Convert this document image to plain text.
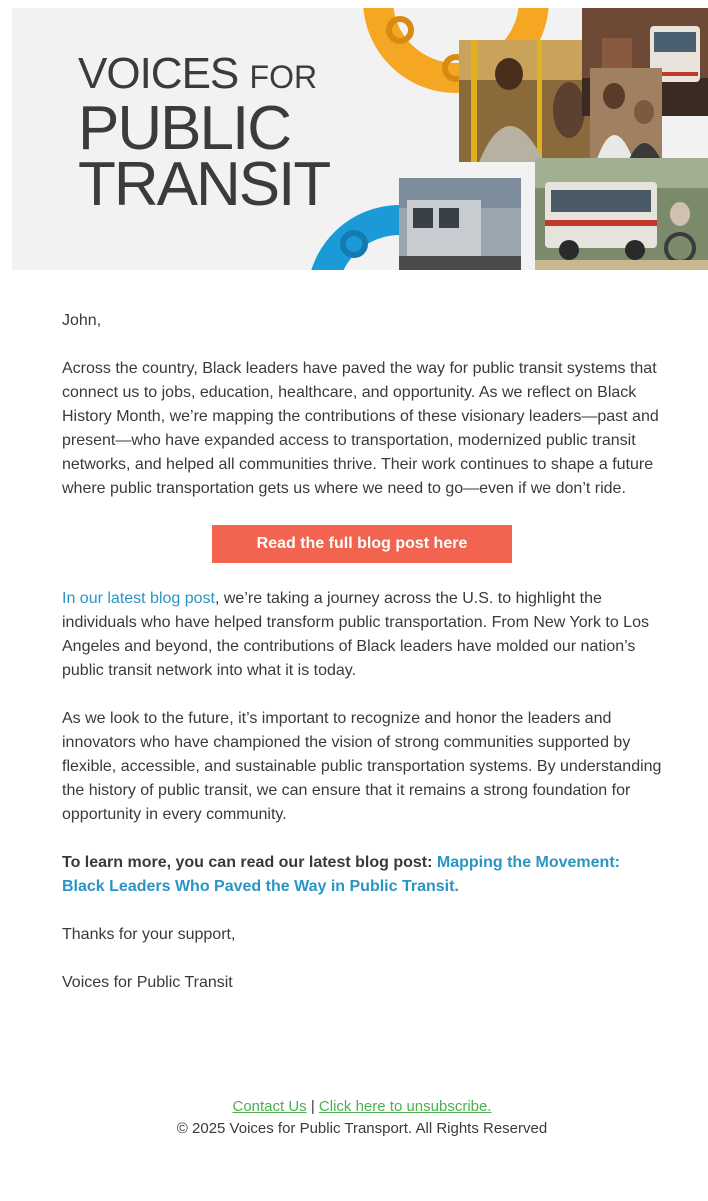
VOICES FOR
PUBLIC
TRANSIT

John,

Across the country, Black leaders have paved the way for public transit systems that connect us to jobs, education, healthcare, and opportunity. As we reflect on Black History Month, we’re mapping the contributions of these visionary leaders—past and present—who have expanded access to transportation, modernized public transit networks, and helped all communities thrive. Their work continues to shape a future where public transportation gets us where we need to go—even if we don’t ride.

Read the full blog post here

In our latest blog post, we’re taking a journey across the U.S. to highlight the individuals who have helped transform public transportation. From New York to Los Angeles and beyond, the contributions of Black leaders have molded our nation’s public transit network into what it is today.

As we look to the future, it’s important to recognize and honor the leaders and innovators who have championed the vision of strong communities supported by flexible, accessible, and sustainable public transportation systems. By understanding the history of public transit, we can ensure that it remains a strong foundation for opportunity in every community.

To learn more, you can read our latest blog post: Mapping the Movement: Black Leaders Who Paved the Way in Public Transit.

Thanks for your support,

Voices for Public Transit

Contact Us | Click here to unsubscribe.
© 2025 Voices for Public Transport. All Rights Reserved
